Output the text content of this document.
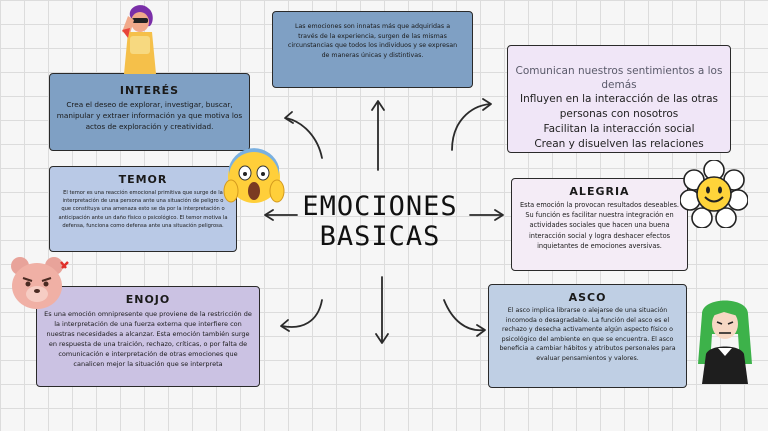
Las emociones son innatas más que adquiridas a través de la experiencia, surgen de las mismas circunstancias que todos los individuos y se expresan de maneras únicas y distintivas.

Comunican nuestros sentimientos a los demás
Influyen en la interacción de las otras
personas con nosotros
Facilitan la interacción social
Crean y disuelven las relaciones
INTERÉS

Crea el deseo de explorar, investigar, buscar, manipular y extraer información ya que motiva los actos de exploración y creatividad.

TEMOR

El temor es una reacción emocional primitiva que surge de la interpretación de una persona ante una situación de peligro o que constituya una amenaza esto se da por la interpretación o anticipación ante un daño físico o psicológico. El temor motiva la defensa, funciona como defensa ante una situación peligrosa.

ALEGRIA

Esta emoción la provocan resultados deseables. Su función es facilitar nuestra integración en actividades sociales que hacen una buena interacción social y logra deshacer efectos inquietantes de emociones aversivas.

ENOJO

Es una emoción omnipresente que proviene de la restricción de la interpretación de una fuerza externa que interfiere con nuestras necesidades a alcanzar. Esta emoción también surge en respuesta de una traición, rechazo, críticas, o por falta de comunicación e interpretación de otras emociones que canalicen mejor la situación que se interpreta

ASCO

El asco implica librarse o alejarse de una situación incomoda o desagradable. La función del asco es el rechazo y desecha activamente algún aspecto físico o psicológico del ambiente en que se encuentra. El asco beneficia a cambiar hábitos y atributos personales para evaluar pensamientos y valores.

EMOCIONES BASICAS
